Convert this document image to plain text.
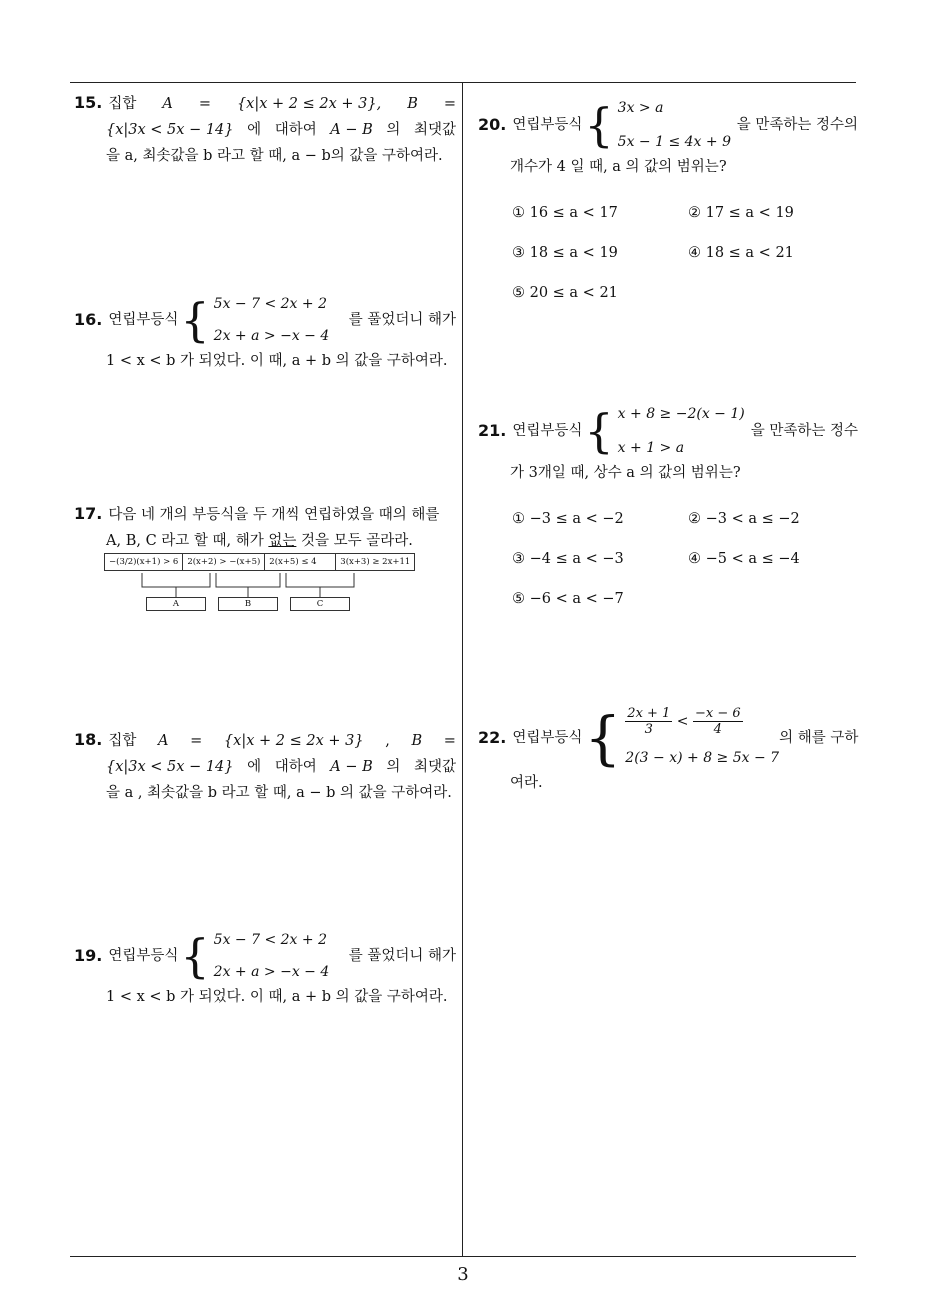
15. 집합 A = {x|x + 2 ≤ 2x + 3}, B =
{x|3x < 5x − 14} 에 대하여 A − B 의 최댓값
을 a, 최솟값을 b 라고 할 때, a − b의 값을 구하여라.
16. 연립부등식 { 5x − 7 < 2x + 2
2x + a > −x − 4
를 풀었더니 해가
1 < x < b 가 되었다. 이 때, a + b 의 값을 구하여라.
17. 다음 네 개의 부등식을 두 개씩 연립하였을 때의 해를
A, B, C 라고 할 때, 해가 없는 것을 모두 골라라.
−(3/2)(x+1) > 6	2(x+2) > −(x+5)	2(x+5) ≤ 4	3(x+3) ≥ 2x+11
A	B	C
18. 집합 A = {x|x + 2 ≤ 2x + 3} , B =
{x|3x < 5x − 14} 에 대하여 A − B 의 최댓값
을 a , 최솟값을 b 라고 할 때, a − b 의 값을 구하여라.
19. 연립부등식 { 5x − 7 < 2x + 2
2x + a > −x − 4
를 풀었더니 해가
1 < x < b 가 되었다. 이 때, a + b 의 값을 구하여라.
20. 연립부등식 { 3x > a
5x − 1 ≤ 4x + 9
을 만족하는 정수의
개수가 4 일 때, a 의 값의 범위는?
① 16 ≤ a < 17	② 17 ≤ a < 19
③ 18 ≤ a < 19	④ 18 ≤ a < 21
⑤ 20 ≤ a < 21
21. 연립부등식 { x + 8 ≥ −2(x − 1)
x + 1 > a
을 만족하는 정수
가 3개일 때, 상수 a 의 값의 범위는?
① −3 ≤ a < −2	② −3 < a ≤ −2
③ −4 ≤ a < −3	④ −5 < a ≤ −4
⑤ −6 < a < −7
22. 연립부등식 { $\frac{2x + 1}{3} < \frac{-x - 6}{4}$
2(3 − x) + 8 ≥ 5x − 7
의 해를 구하
여라.
3
